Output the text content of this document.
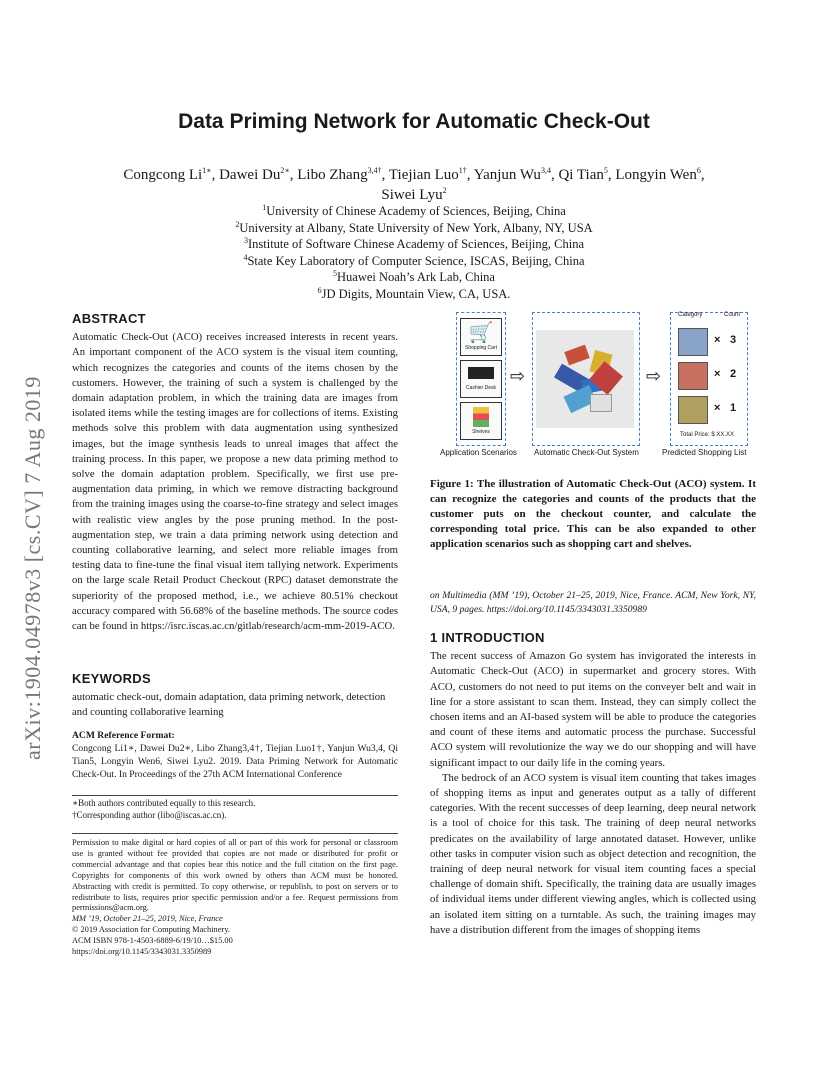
arXiv:1904.04978v3 [cs.CV] 7 Aug 2019
Data Priming Network for Automatic Check-Out
Congcong $Li^{1∗}$, Dawei $Du^{2∗}$, Libo Zhang$^{3,4\dagger}$, Tiejian Luo$^{1\dagger}$, Yanjun Wu$^{3,4}$, Qi Tian$^5$, Longyin Wen$^6$,
Siwei Lyu$^2$
$^1$University of Chinese Academy of Sciences, Beijing, China
$^2$University at Albany, State University of New York, Albany, NY, USA
$^3$Institute of Software Chinese Academy of Sciences, Beijing, China
$^4$State Key Laboratory of Computer Science, ISCAS, Beijing, China
$^5$Huawei Noah’s Ark Lab, China
$^6$JD Digits, Mountain View, CA, USA.
ABSTRACT
Automatic Check-Out (ACO) receives increased interests in recent years. An important component of the ACO system is the visual item counting, which recognizes the categories and counts of the items chosen by the customers. However, the training of such a system is challenged by the domain adaptation problem, in which the training data are images from isolated items while the testing images are for collections of items. Existing methods solve this problem with data augmentation using synthesized images, but the image synthesis leads to unreal images that affect the training process. In this paper, we propose a new data priming method to solve the domain adaptation problem. Specifically, we first use pre-augmentation data priming, in which we remove distracting background from the training images using the coarse-to-fine strategy and select images with realistic view angles by the pose pruning method. In the post-augmentation step, we train a data priming network using detection and counting collaborative learning, and select more reliable images from testing data to fine-tune the final visual item tallying network. Experiments on the large scale Retail Product Checkout (RPC) dataset demonstrate the superiority of the proposed method, i.e., we achieve 80.51% checkout accuracy compared with 56.68% of the baseline methods. The source codes can be found in https://isrc.iscas.ac.cn/gitlab/research/acm-mm-2019-ACO.
KEYWORDS
automatic check-out, domain adaptation, data priming network, detection and counting collaborative learning
ACM Reference Format:
Congcong Li1∗, Dawei Du2∗, Libo Zhang3,4†, Tiejian Luo1†, Yanjun Wu3,4, Qi Tian5, Longyin Wen6, Siwei Lyu2. 2019. Data Priming Network for Automatic Check-Out. In Proceedings of the 27th ACM International Conference
∗Both authors contributed equally to this research.
†Corresponding author (libo@iscas.ac.cn).
Permission to make digital or hard copies of all or part of this work for personal or classroom use is granted without fee provided that copies are not made or distributed for profit or commercial advantage and that copies bear this notice and the full citation on the first page. Copyrights for components of this work owned by others than ACM must be honored. Abstracting with credit is permitted. To copy otherwise, or republish, to post on servers or to redistribute to lists, requires prior specific permission and/or a fee. Request permissions from permissions@acm.org.
MM ’19, October 21–25, 2019, Nice, France
© 2019 Association for Computing Machinery.
ACM ISBN 978-1-4503-6889-6/19/10…$15.00
https://doi.org/10.1145/3343031.3350989
🛒
Shopping Cart
Cashier Desk
Shelves
Application Scenarios
⇨
Automatic Check-Out System
⇨
Category	Count
× 3
× 2
× 1
Total Price: $ XX.XX
Predicted Shopping List
Figure 1: The illustration of Automatic Check-Out (ACO) system. It can recognize the categories and counts of the products that the customer puts on the checkout counter, and calculate the corresponding total price. This can be also expanded to other application scenarios such as shopping cart and shelves.
on Multimedia (MM ’19), October 21–25, 2019, Nice, France. ACM, New York, NY, USA, 9 pages. https://doi.org/10.1145/3343031.3350989
1 INTRODUCTION
The recent success of Amazon Go system has invigorated the interests in Automatic Check-Out (ACO) in supermarket and grocery stores. With ACO, customers do not need to put items on the conveyer belt and wait in line for a store assistant to scan them. Instead, they can simply collect the chosen items and an AI-based system will be able to produce the categories and count of these items and automatic process the purchase. Successful ACO system will revolutionize the way we do our shopping and will have significant impact to our daily life in the coming years.
The bedrock of an ACO system is visual item counting that takes images of shopping items as input and generates output as a tally of different categories. With the recent successes of deep learning, deep neural network is a tool of choice for this task. The training of deep neural networks predicates on the availability of large annotated dataset. However, unlike other tasks in computer vision such as object detection and recognition, the training of deep neural network for visual item counting faces a special challenge of domain shift. Specifically, the training data are usually images of individual items under different viewing angles, which is collected using an isolated item sitting on a turntable. As such, the training images may have a distribution different from the images of shopping items
